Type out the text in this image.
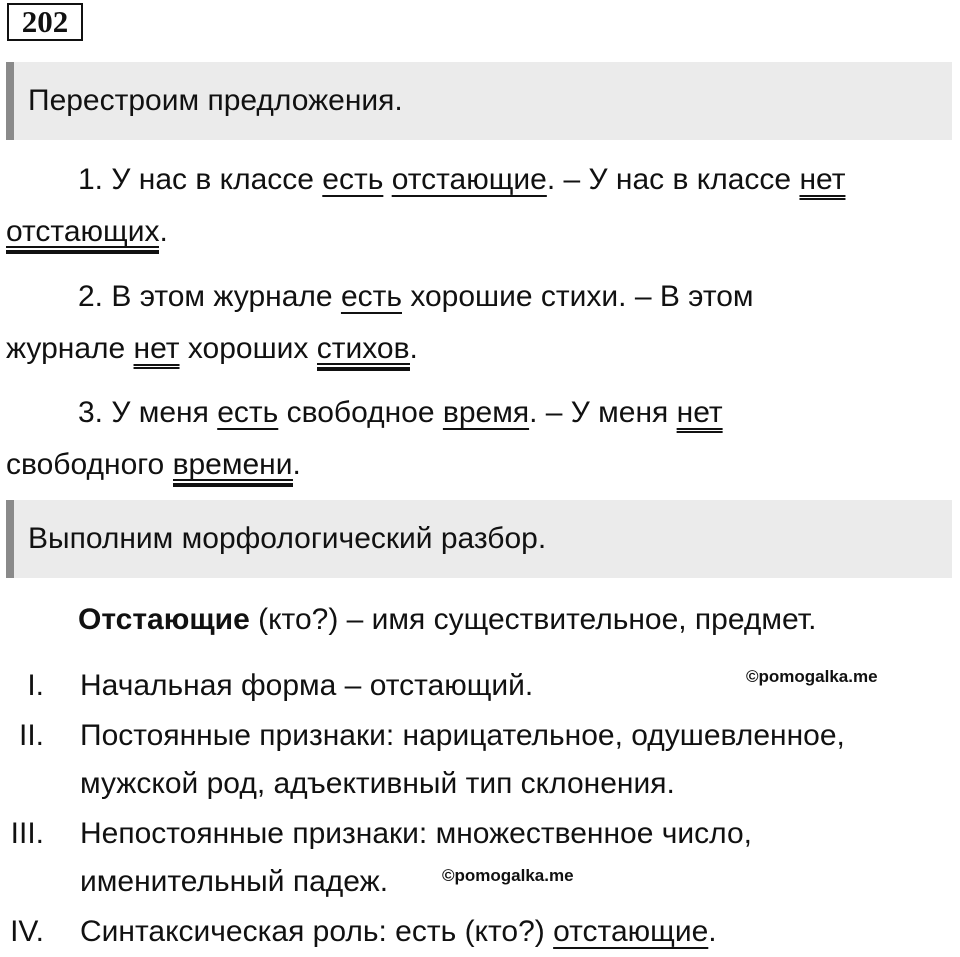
202
Перестроим предложения.
1. У нас в классе есть отстающие. – У нас в классе нет
отстающих.
2. В этом журнале есть хорошие стихи. – В этом
журнале нет хороших стихов.
3. У меня есть свободное время. – У меня нет
свободного времени.
Выполним морфологический разбор.
Отстающие (кто?) – имя существительное, предмет.
I. Начальная форма – отстающий.
II. Постоянные признаки: нарицательное, одушевленное,
мужской род, адъективный тип склонения.
III. Непостоянные признаки: множественное число,
именительный падеж.
IV. Синтаксическая роль: есть (кто?) отстающие.
©pomogalka.me
©pomogalka.me
